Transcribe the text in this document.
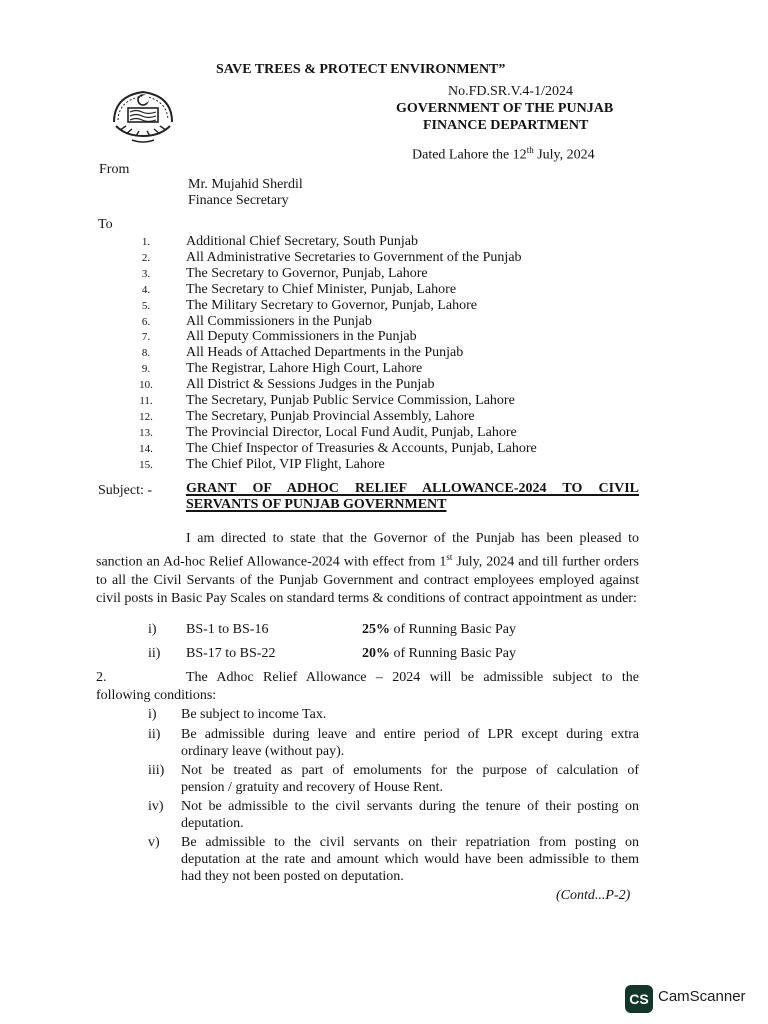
SAVE TREES & PROTECT ENVIRONMENT”
No.FD.SR.V.4-1/2024
GOVERNMENT OF THE PUNJAB
FINANCE DEPARTMENT
Dated Lahore the 12th July, 2024
From
Mr. Mujahid Sherdil
Finance Secretary
To
1.	Additional Chief Secretary, South Punjab
2.	All Administrative Secretaries to Government of the Punjab
3.	The Secretary to Governor, Punjab, Lahore
4.	The Secretary to Chief Minister, Punjab, Lahore
5.	The Military Secretary to Governor, Punjab, Lahore
6.	All Commissioners in the Punjab
7.	All Deputy Commissioners in the Punjab
8.	All Heads of Attached Departments in the Punjab
9.	The Registrar, Lahore High Court, Lahore
10.	All District & Sessions Judges in the Punjab
11.	The Secretary, Punjab Public Service Commission, Lahore
12.	The Secretary, Punjab Provincial Assembly, Lahore
13.	The Provincial Director, Local Fund Audit, Punjab, Lahore
14.	The Chief Inspector of Treasuries & Accounts, Punjab, Lahore
15.	The Chief Pilot, VIP Flight, Lahore
Subject: - GRANT OF ADHOC RELIEF ALLOWANCE-2024 TO CIVIL
SERVANTS OF PUNJAB GOVERNMENT
I am directed to state that the Governor of the Punjab has been pleased to sanction an Ad-hoc Relief Allowance-2024 with effect from 1st July, 2024 and till further orders to all the Civil Servants of the Punjab Government and contract employees employed against civil posts in Basic Pay Scales on standard terms & conditions of contract appointment as under:
i) BS-1 to BS-16	25% of Running Basic Pay
ii) BS-17 to BS-22	20% of Running Basic Pay
2.	The Adhoc Relief Allowance – 2024 will be admissible subject to the
following conditions:
i) Be subject to income Tax.
ii) Be admissible during leave and entire period of LPR except during extra
ordinary leave (without pay).
iii) Not be treated as part of emoluments for the purpose of calculation of
pension / gratuity and recovery of House Rent.
iv) Not be admissible to the civil servants during the tenure of their posting on
deputation.
v) Be admissible to the civil servants on their repatriation from posting on
deputation at the rate and amount which would have been admissible to them
had they not been posted on deputation.
(Contd...P-2)
CS CamScanner
